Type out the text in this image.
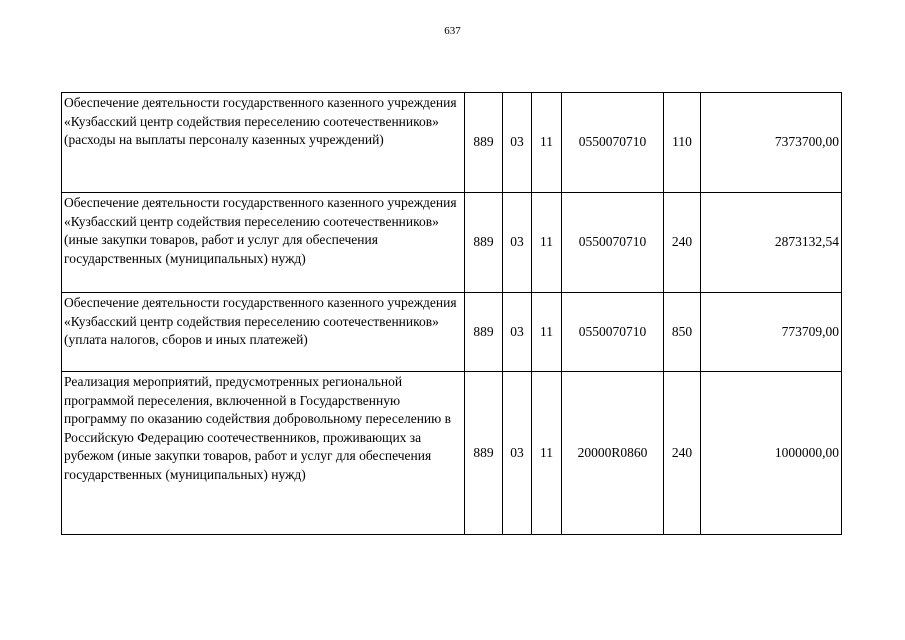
637
Обеспечение деятельности государственного казенного учреждения «Кузбасский центр содействия переселению соотечественников» (расходы на выплаты персоналу казенных учреждений)	889	03	11	0550070710	110	7373700,00
Обеспечение деятельности государственного казенного учреждения «Кузбасский центр содействия переселению соотечественников» (иные закупки товаров, работ и услуг для обеспечения государственных (муниципальных) нужд)	889	03	11	0550070710	240	2873132,54
Обеспечение деятельности государственного казенного учреждения «Кузбасский центр содействия переселению соотечественников» (уплата налогов, сборов и иных платежей)	889	03	11	0550070710	850	773709,00
Реализация мероприятий, предусмотренных региональной программой переселения, включенной в Государственную программу по оказанию содействия добровольному переселению в Российскую Федерацию соотечественников, проживающих за рубежом (иные закупки товаров, работ и услуг для обеспечения государственных (муниципальных) нужд)	889	03	11	20000R0860	240	1000000,00
